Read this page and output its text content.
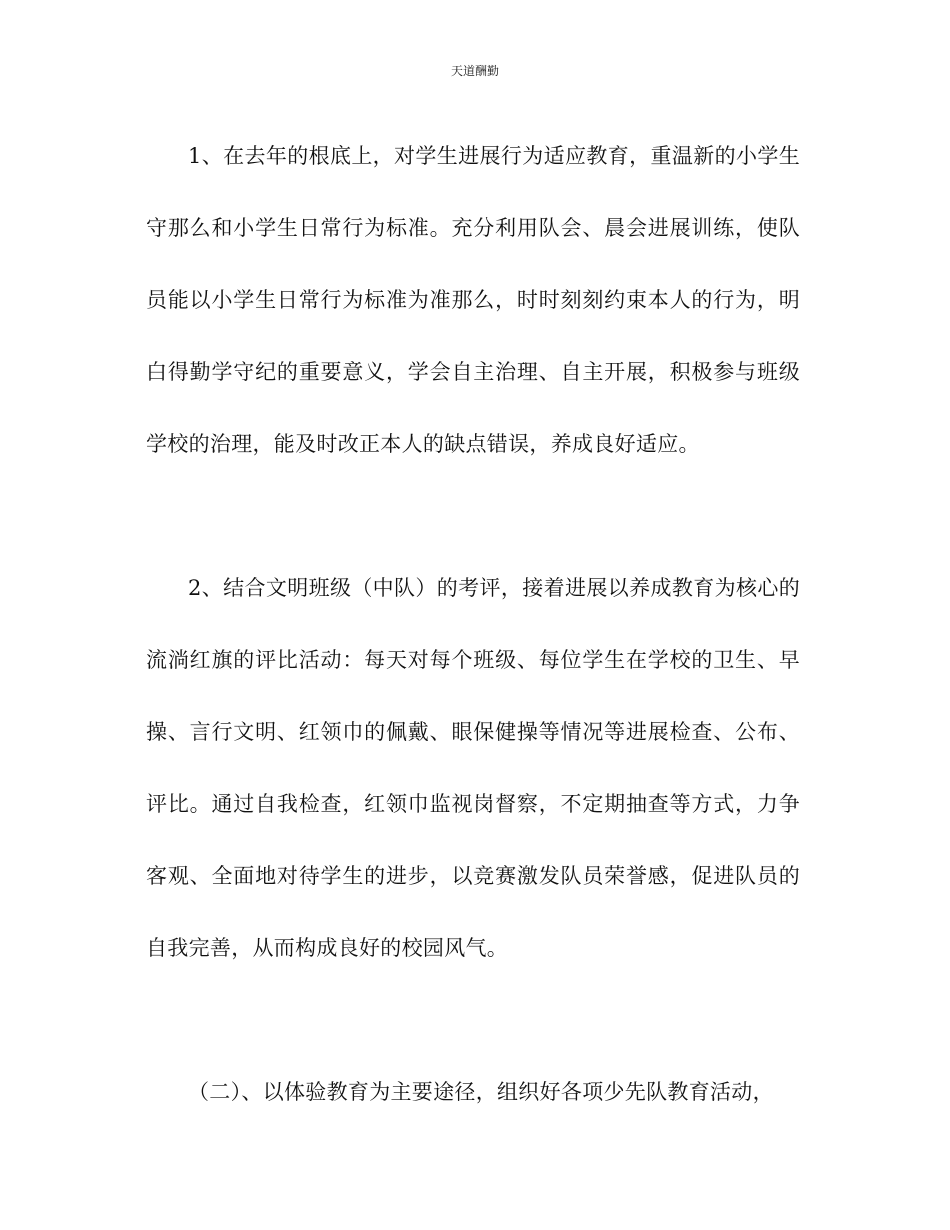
天道酬勤

1、在去年的根底上，对学生进展行为适应教育，重温新的小学生守那么和小学生日常行为标准。充分利用队会、晨会进展训练，使队员能以小学生日常行为标准为准那么，时时刻刻约束本人的行为，明白得勤学守纪的重要意义，学会自主治理、自主开展，积极参与班级学校的治理，能及时改正本人的缺点错误，养成良好适应。

2、结合文明班级（中队）的考评，接着进展以养成教育为核心的流淌红旗的评比活动：每天对每个班级、每位学生在学校的卫生、早操、言行文明、红领巾的佩戴、眼保健操等情况等进展检查、公布、评比。通过自我检查，红领巾监视岗督察，不定期抽查等方式，力争客观、全面地对待学生的进步，以竞赛激发队员荣誉感，促进队员的自我完善，从而构成良好的校园风气。

（二）、以体验教育为主要途径，组织好各项少先队教育活动，
